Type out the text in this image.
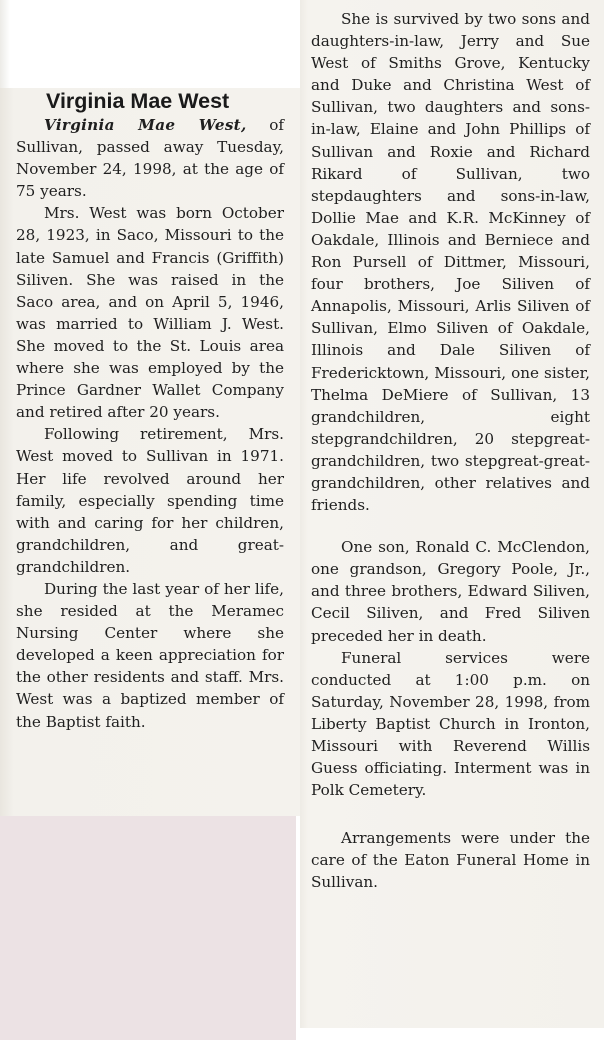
Virginia Mae West

Virginia Mae West, of Sullivan, passed away Tuesday, November 24, 1998, at the age of 75 years.

Mrs. West was born October 28, 1923, in Saco, Missouri to the late Samuel and Francis (Griffith) Siliven. She was raised in the Saco area, and on April 5, 1946, was married to William J. West. She moved to the St. Louis area where she was employed by the Prince Gardner Wallet Company and retired after 20 years.

Following retirement, Mrs. West moved to Sullivan in 1971. Her life revolved around her family, especially spending time with and caring for her children, grandchildren, and great-grandchildren.

During the last year of her life, she resided at the Meramec Nursing Center where she developed a keen appreciation for the other residents and staff. Mrs. West was a baptized member of the Baptist faith.

She is survived by two sons and daughters-in-law, Jerry and Sue West of Smiths Grove, Kentucky and Duke and Christina West of Sullivan, two daughters and sons-in-law, Elaine and John Phillips of Sullivan and Roxie and Richard Rikard of Sullivan, two stepdaughters and sons-in-law, Dollie Mae and K.R. McKinney of Oakdale, Illinois and Berniece and Ron Pursell of Dittmer, Missouri, four brothers, Joe Siliven of Annapolis, Missouri, Arlis Siliven of Sullivan, Elmo Siliven of Oakdale, Illinois and Dale Siliven of Fredericktown, Missouri, one sister, Thelma DeMiere of Sullivan, 13 grandchildren, eight stepgrandchildren, 20 stepgreat-grandchildren, two stepgreat-great-grandchildren, other relatives and friends.

One son, Ronald C. McClendon, one grandson, Gregory Poole, Jr., and three brothers, Edward Siliven, Cecil Siliven, and Fred Siliven preceded her in death.

Funeral services were conducted at 1:00 p.m. on Saturday, November 28, 1998, from Liberty Baptist Church in Ironton, Missouri with Reverend Willis Guess officiating. Interment was in Polk Cemetery.

Arrangements were under the care of the Eaton Funeral Home in Sullivan.
